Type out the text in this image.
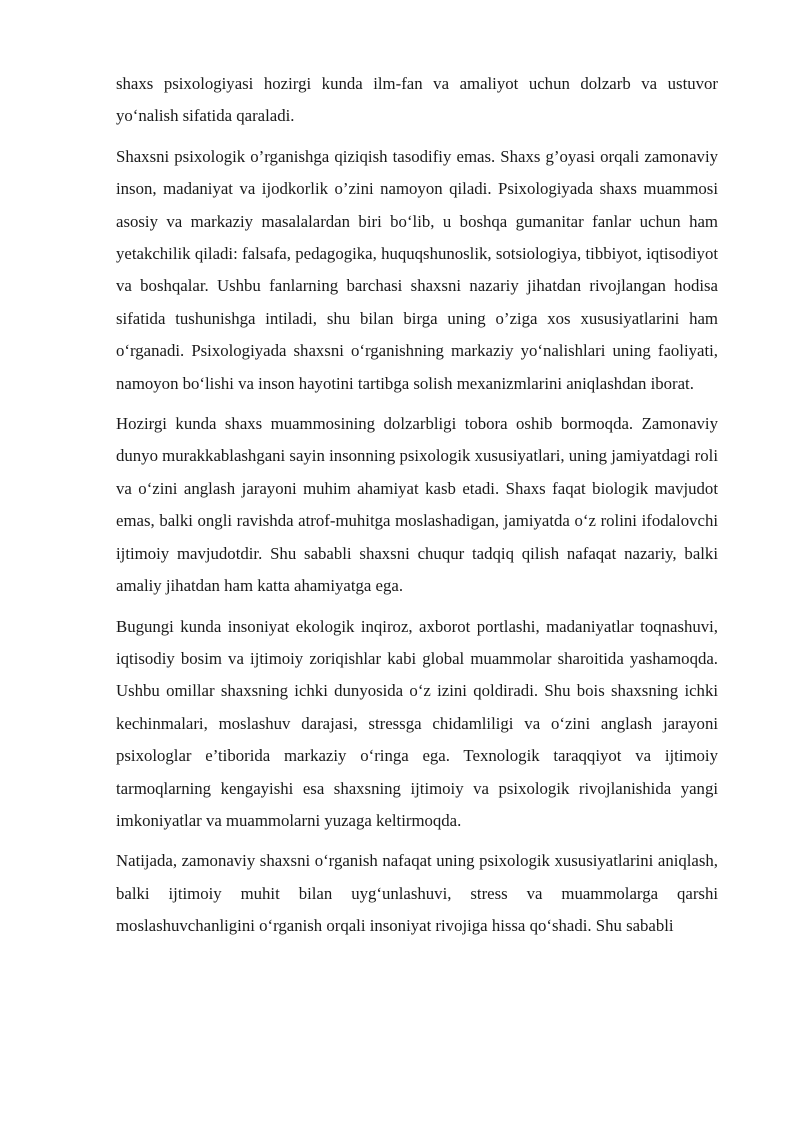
shaxs psixologiyasi hozirgi kunda ilm-fan va amaliyot uchun dolzarb va ustuvor yo‘nalish sifatida qaraladi.

Shaxsni psixologik o’rganishga qiziqish tasodifiy emas. Shaxs g’oyasi orqali zamonaviy inson, madaniyat va ijodkorlik o’zini namoyon qiladi. Psixologiyada shaxs muammosi asosiy va markaziy masalalardan biri bo‘lib, u boshqa gumanitar fanlar uchun ham yetakchilik qiladi: falsafa, pedagogika, huquqshunoslik, sotsiologiya, tibbiyot, iqtisodiyot va boshqalar. Ushbu fanlarning barchasi shaxsni nazariy jihatdan rivojlangan hodisa sifatida tushunishga intiladi, shu bilan birga uning o’ziga xos xususiyatlarini ham o‘rganadi. Psixologiyada shaxsni o‘rganishning markaziy yo‘nalishlari uning faoliyati, namoyon bo‘lishi va inson hayotini tartibga solish mexanizmlarini aniqlashdan iborat.

Hozirgi kunda shaxs muammosining dolzarbligi tobora oshib bormoqda. Zamonaviy dunyo murakkablashgani sayin insonning psixologik xususiyatlari, uning jamiyatdagi roli va o‘zini anglash jarayoni muhim ahamiyat kasb etadi. Shaxs faqat biologik mavjudot emas, balki ongli ravishda atrof-muhitga moslashadigan, jamiyatda o‘z rolini ifodalovchi ijtimoiy mavjudotdir. Shu sababli shaxsni chuqur tadqiq qilish nafaqat nazariy, balki amaliy jihatdan ham katta ahamiyatga ega.

Bugungi kunda insoniyat ekologik inqiroz, axborot portlashi, madaniyatlar toqnashuvi, iqtisodiy bosim va ijtimoiy zoriqishlar kabi global muammolar sharoitida yashamoqda. Ushbu omillar shaxsning ichki dunyosida o‘z izini qoldiradi. Shu bois shaxsning ichki kechinmalari, moslashuv darajasi, stressga chidamliligi va o‘zini anglash jarayoni psixologlar e’tiborida markaziy o‘ringa ega. Texnologik taraqqiyot va ijtimoiy tarmoqlarning kengayishi esa shaxsning ijtimoiy va psixologik rivojlanishida yangi imkoniyatlar va muammolarni yuzaga keltirmoqda.

Natijada, zamonaviy shaxsni o‘rganish nafaqat uning psixologik xususiyatlarini aniqlash, balki ijtimoiy muhit bilan uyg‘unlashuvi, stress va muammolarga qarshi moslashuvchanligini o‘rganish orqali insoniyat rivojiga hissa qo‘shadi. Shu sababli
